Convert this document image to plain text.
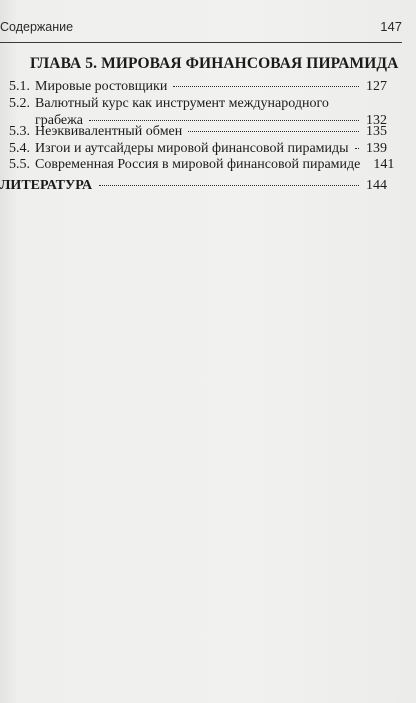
Содержание	147
ГЛАВА 5. МИРОВАЯ ФИНАНСОВАЯ ПИРАМИДА
5.1. Мировые ростовщики	127
5.2. Валютный курс как инструмент международного
грабежа	132
5.3. Неэквивалентный обмен	135
5.4. Изгои и аутсайдеры мировой финансовой пирамиды 139
5.5. Современная Россия в мировой финансовой пирамиде 141
ЛИТЕРАТУРА	144
